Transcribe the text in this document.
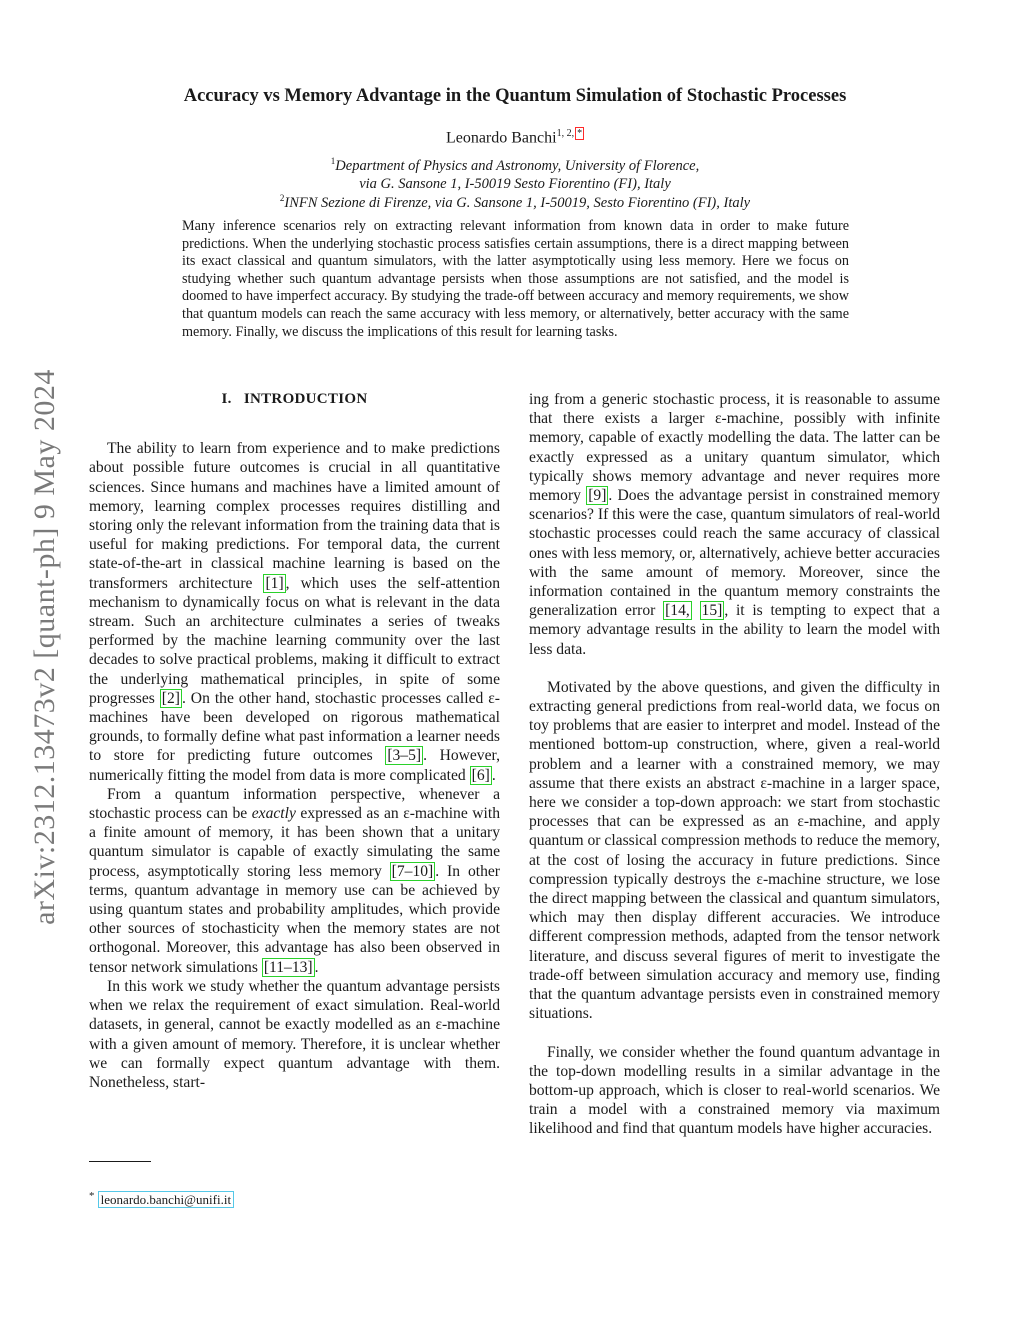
arXiv:2312.13473v2 [quant-ph] 9 May 2024
Accuracy vs Memory Advantage in the Quantum Simulation of Stochastic Processes
Leonardo Banchi$^{1, 2,}$ *
$^1$Department of Physics and Astronomy, University of Florence,
via G. Sansone 1, I-50019 Sesto Fiorentino (FI), Italy
$^2$INFN Sezione di Firenze, via G. Sansone 1, I-50019, Sesto Fiorentino (FI), Italy
Many inference scenarios rely on extracting relevant information from known data in order to make future predictions. When the underlying stochastic process satisfies certain assumptions, there is a direct mapping between its exact classical and quantum simulators, with the latter asymptotically using less memory. Here we focus on studying whether such quantum advantage persists when those assumptions are not satisfied, and the model is doomed to have imperfect accuracy. By studying the trade-off between accuracy and memory requirements, we show that quantum models can reach the same accuracy with less memory, or alternatively, better accuracy with the same memory. Finally, we discuss the implications of this result for learning tasks.
I. INTRODUCTION

The ability to learn from experience and to make predictions about possible future outcomes is crucial in all quantitative sciences. Since humans and machines have a limited amount of memory, learning complex processes requires distilling and storing only the relevant information from the training data that is useful for making predictions. For temporal data, the current state-of-the-art in classical machine learning is based on the transformers architecture [1] , which uses the self-attention mechanism to dynamically focus on what is relevant in the data stream. Such an architecture culminates a series of tweaks performed by the machine learning community over the last decades to solve practical problems, making it difficult to extract the underlying mathematical principles, in spite of some progresses [2] . On the other hand, stochastic processes called ε-machines have been developed on rigorous mathematical grounds, to formally define what past information a learner needs to store for predicting future outcomes [3–5] . However, numerically fitting the model from data is more complicated [6] .

From a quantum information perspective, whenever a stochastic process can be exactly expressed as an ε-machine with a finite amount of memory, it has been shown that a unitary quantum simulator is capable of exactly simulating the same process, asymptotically storing less memory [7–10] . In other terms, quantum advantage in memory use can be achieved by using quantum states and probability amplitudes, which provide other sources of stochasticity when the memory states are not orthogonal. Moreover, this advantage has also been observed in tensor network simulations [11–13] .

In this work we study whether the quantum advantage persists when we relax the requirement of exact simulation. Real-world datasets, in general, cannot be exactly modelled as an ε-machine with a given amount of memory. Therefore, it is unclear whether we can formally expect quantum advantage with them. Nonetheless, start-

ing from a generic stochastic process, it is reasonable to assume that there exists a larger ε-machine, possibly with infinite memory, capable of exactly modelling the data. The latter can be exactly expressed as a unitary quantum simulator, which typically shows memory advantage and never requires more memory [9] . Does the advantage persist in constrained memory scenarios? If this were the case, quantum simulators of real-world stochastic processes could reach the same accuracy of classical ones with less memory, or, alternatively, achieve better accuracies with the same amount of memory. Moreover, since the information contained in the quantum memory constraints the generalization error [14, 15] , it is tempting to expect that a memory advantage results in the ability to learn the model with less data.

Motivated by the above questions, and given the difficulty in extracting general predictions from real-world data, we focus on toy problems that are easier to interpret and model. Instead of the mentioned bottom-up construction, where, given a real-world problem and a learner with a constrained memory, we may assume that there exists an abstract ε-machine in a larger space, here we consider a top-down approach: we start from stochastic processes that can be expressed as an ε-machine, and apply quantum or classical compression methods to reduce the memory, at the cost of losing the accuracy in future predictions. Since compression typically destroys the ε-machine structure, we lose the direct mapping between the classical and quantum simulators, which may then display different accuracies. We introduce different compression methods, adapted from the tensor network literature, and discuss several figures of merit to investigate the trade-off between simulation accuracy and memory use, finding that the quantum advantage persists even in constrained memory situations.

Finally, we consider whether the found quantum advantage in the top-down modelling results in a similar advantage in the bottom-up approach, which is closer to real-world scenarios. We train a model with a constrained memory via maximum likelihood and find that quantum models have higher accuracies.

* leonardo.banchi@unifi.it
